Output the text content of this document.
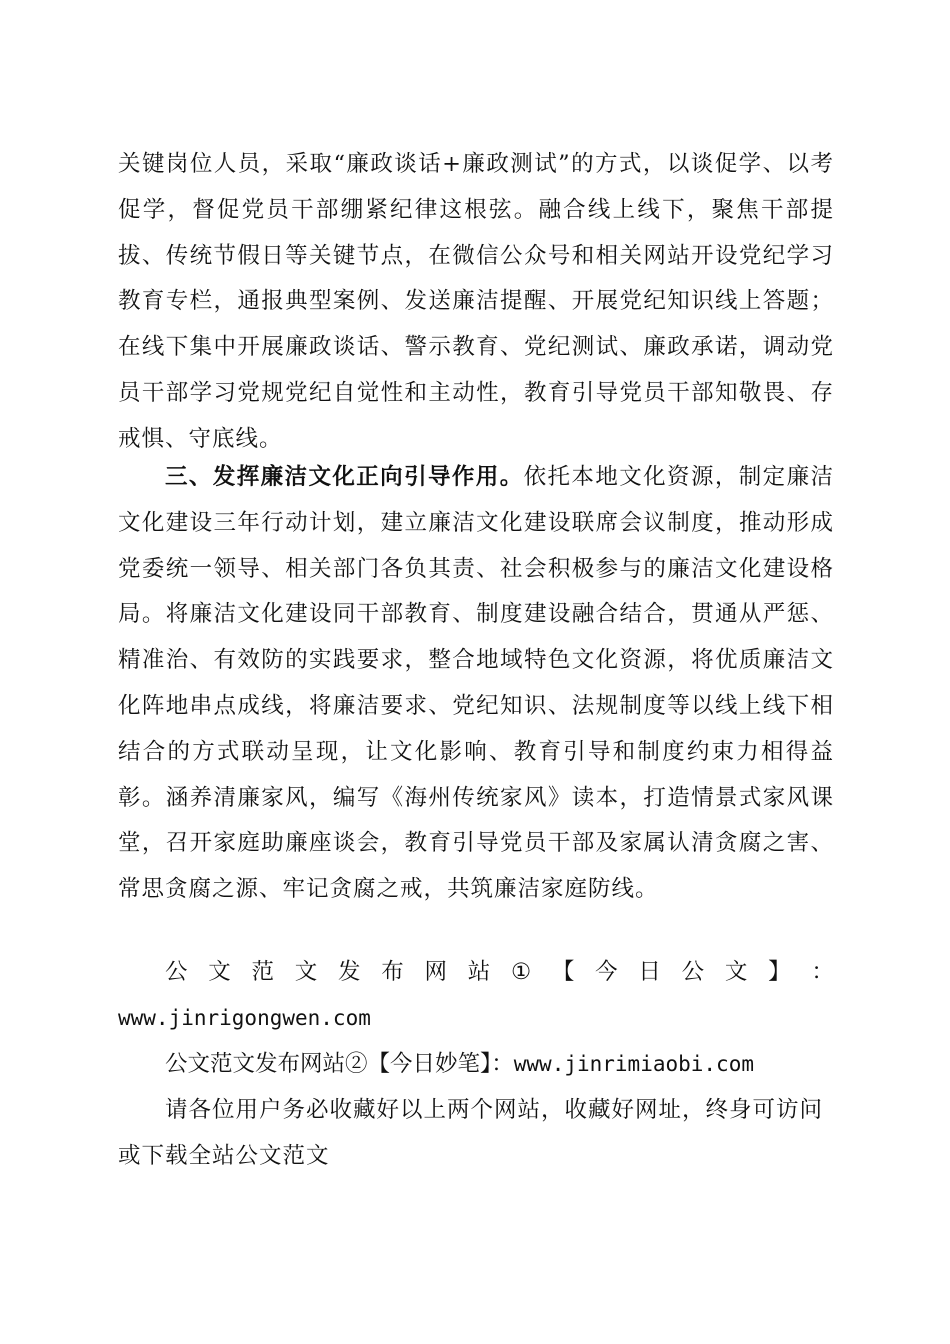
关键岗位人员，采取“廉政谈话+廉政测试”的方式，以谈促学、以考促学，督促党员干部绷紧纪律这根弦。融合线上线下，聚焦干部提拔、传统节假日等关键节点，在微信公众号和相关网站开设党纪学习教育专栏，通报典型案例、发送廉洁提醒、开展党纪知识线上答题；在线下集中开展廉政谈话、警示教育、党纪测试、廉政承诺，调动党员干部学习党规党纪自觉性和主动性，教育引导党员干部知敬畏、存戒惧、守底线。

三、发挥廉洁文化正向引导作用。依托本地文化资源，制定廉洁文化建设三年行动计划，建立廉洁文化建设联席会议制度，推动形成党委统一领导、相关部门各负其责、社会积极参与的廉洁文化建设格局。将廉洁文化建设同干部教育、制度建设融合结合，贯通从严惩、精准治、有效防的实践要求，整合地域特色文化资源，将优质廉洁文化阵地串点成线，将廉洁要求、党纪知识、法规制度等以线上线下相结合的方式联动呈现，让文化影响、教育引导和制度约束力相得益彰。涵养清廉家风，编写《海州传统家风》读本，打造情景式家风课堂，召开家庭助廉座谈会，教育引导党员干部及家属认清贪腐之害、常思贪腐之源、牢记贪腐之戒，共筑廉洁家庭防线。

公 文 范 文 发 布 网 站 ① 【 今 日 公 文 】 ：

www.jinrigongwen.com

公文范文发布网站②【今日妙笔】：www.jinrimiaobi.com

请各位用户务必收藏好以上两个网站，收藏好网址，终身可访问或下载全站公文范文
